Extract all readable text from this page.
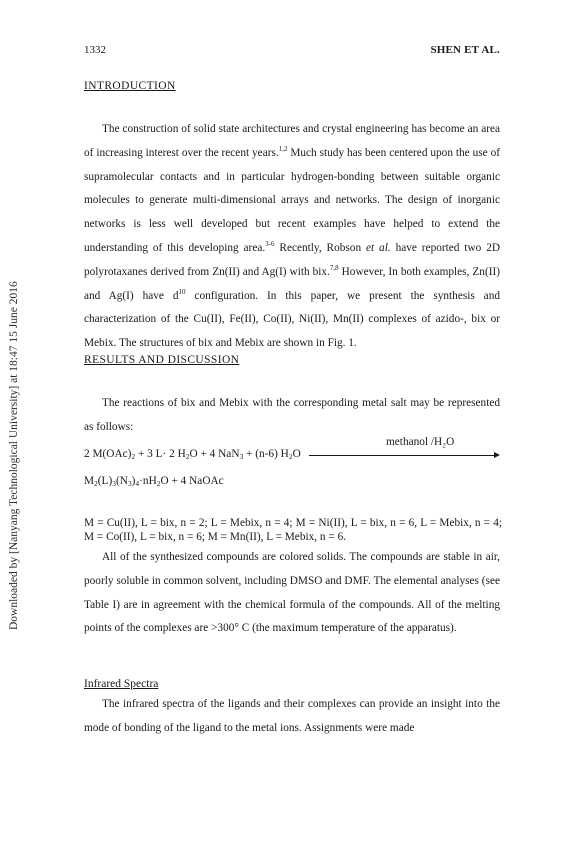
1332	SHEN ET AL.
Downloaded by [Nanyang Technological University] at 18:47 15 June 2016
INTRODUCTION

The construction of solid state architectures and crystal engineering has become an area of increasing interest over the recent years.$^{1,2}$ Much study has been centered upon the use of supramolecular contacts and in particular hydrogen-bonding between suitable organic molecules to generate multi-dimensional arrays and networks. The design of inorganic networks is less well developed but recent examples have helped to extend the understanding of this developing area.$^{3-6}$ Recently, Robson et al. have reported two 2D polyrotaxanes derived from Zn(II) and Ag(I) with bix.$^{7,8}$ However, In both examples, Zn(II) and Ag(I) have $d^{10}$ configuration. In this paper, we present the synthesis and characterization of the Cu(II), Fe(II), Co(II), Ni(II), Mn(II) complexes of azido-, bix or Mebix. The structures of bix and Mebix are shown in Fig. 1.

RESULTS AND DISCUSSION

The reactions of bix and Mebix with the corresponding metal salt may be represented as follows:

methanol /H₂O
2 $M(OAc)_2 + 3$ L· 2 $H_2O + 4$ NaN$_3$ + (n-6) $H_2O$
$M_2(L)_3(N_3)_4\cdot nH_2O + 4$ NaOAc

M = Cu(II), L = bix, n = 2; L = Mebix, n = 4; M = Ni(II), L = bix, n = 6, L = Mebix, n = 4; M = Co(II), L = bix, n = 6; M = Mn(II), L = Mebix, n = 6.

All of the synthesized compounds are colored solids. The compounds are stable in air, poorly soluble in common solvent, including DMSO and DMF. The elemental analyses (see Table I) are in agreement with the chemical formula of the compounds. All of the melting points of the complexes are >300° C (the maximum temperature of the apparatus).

Infrared Spectra

The infrared spectra of the ligands and their complexes can provide an insight into the mode of bonding of the ligand to the metal ions. Assignments were made
